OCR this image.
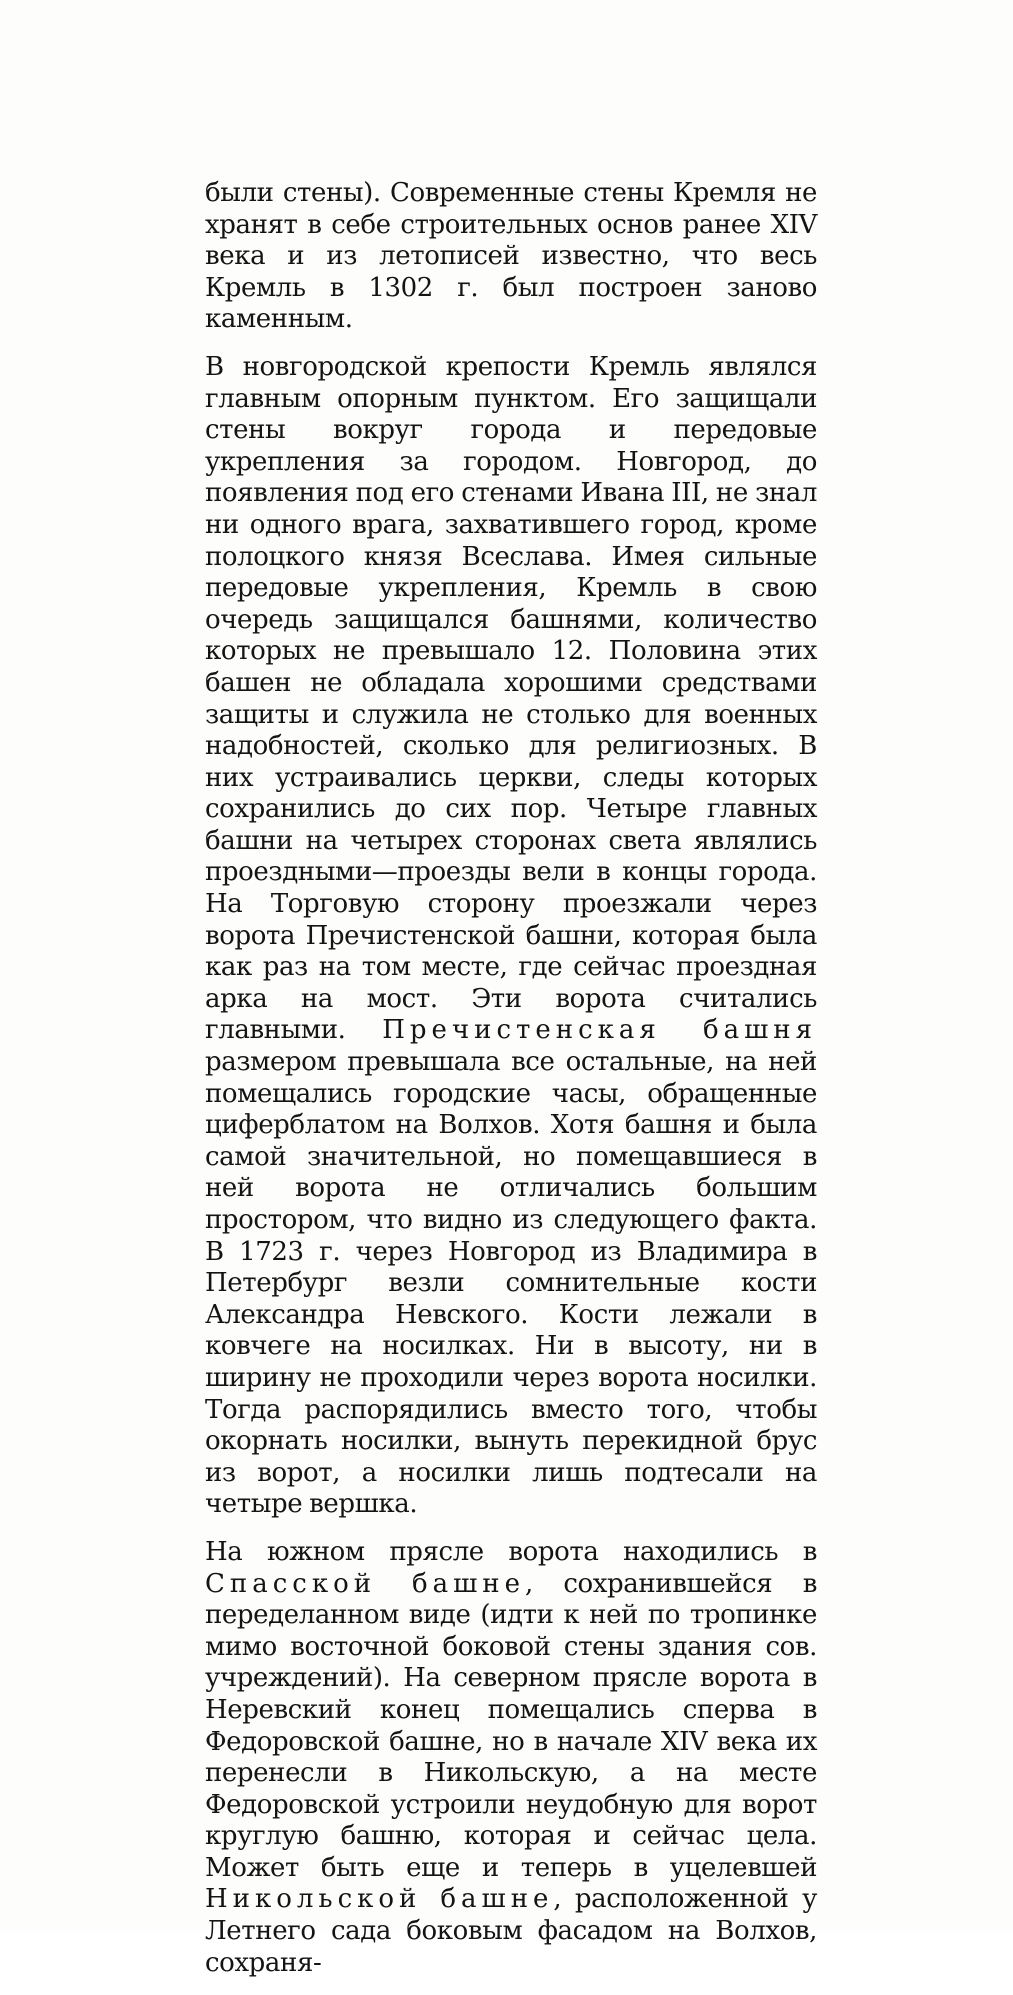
были стены). Современные стены Кремля не хранят в себе строительных основ ранее XIV века и из летописей известно, что весь Кремль в 1302 г. был построен заново каменным.

В новгородской крепости Кремль являлся главным опорным пунктом. Его защищали стены вокруг города и передовые укрепления за городом. Новгород, до появления под его стенами Ивана III, не знал ни одного врага, захватившего город, кроме полоцкого князя Всеслава. Имея сильные передовые укрепления, Кремль в свою очередь защищался башнями, количество которых не превышало 12. Половина этих башен не обладала хорошими средствами защиты и служила не столько для военных надобностей, сколько для религиозных. В них устраивались церкви, следы которых сохранились до сих пор. Четыре главных башни на четырех сторонах света являлись проездными—проезды вели в концы города. На Торговую сторону проезжали через ворота Пречистенской башни, которая была как раз на том месте, где сейчас проездная арка на мост. Эти ворота считались главными. Пречистенская башня размером превышала все остальные, на ней помещались городские часы, обращенные циферблатом на Волхов. Хотя башня и была самой значительной, но помещавшиеся в ней ворота не отличались большим простором, что видно из следующего факта. В 1723 г. через Новгород из Владимира в Петербург везли сомнительные кости Александра Невского. Кости лежали в ковчеге на носилках. Ни в высоту, ни в ширину не проходили через ворота носилки. Тогда распорядились вместо того, чтобы окорнать носилки, вынуть перекидной брус из ворот, а носилки лишь подтесали на четыре вершка.

На южном прясле ворота находились в Спасской башне, сохранившейся в переделанном виде (идти к ней по тропинке мимо восточной боковой стены здания сов. учреждений). На северном прясле ворота в Неревский конец помещались сперва в Федоровской башне, но в начале XIV века их перенесли в Никольскую, а на месте Федоровской устроили неудобную для ворот круглую башню, которая и сейчас цела. Может быть еще и теперь в уцелевшей Никольской башне, расположенной у Летнего сада боковым фасадом на Волхов, сохраня-
